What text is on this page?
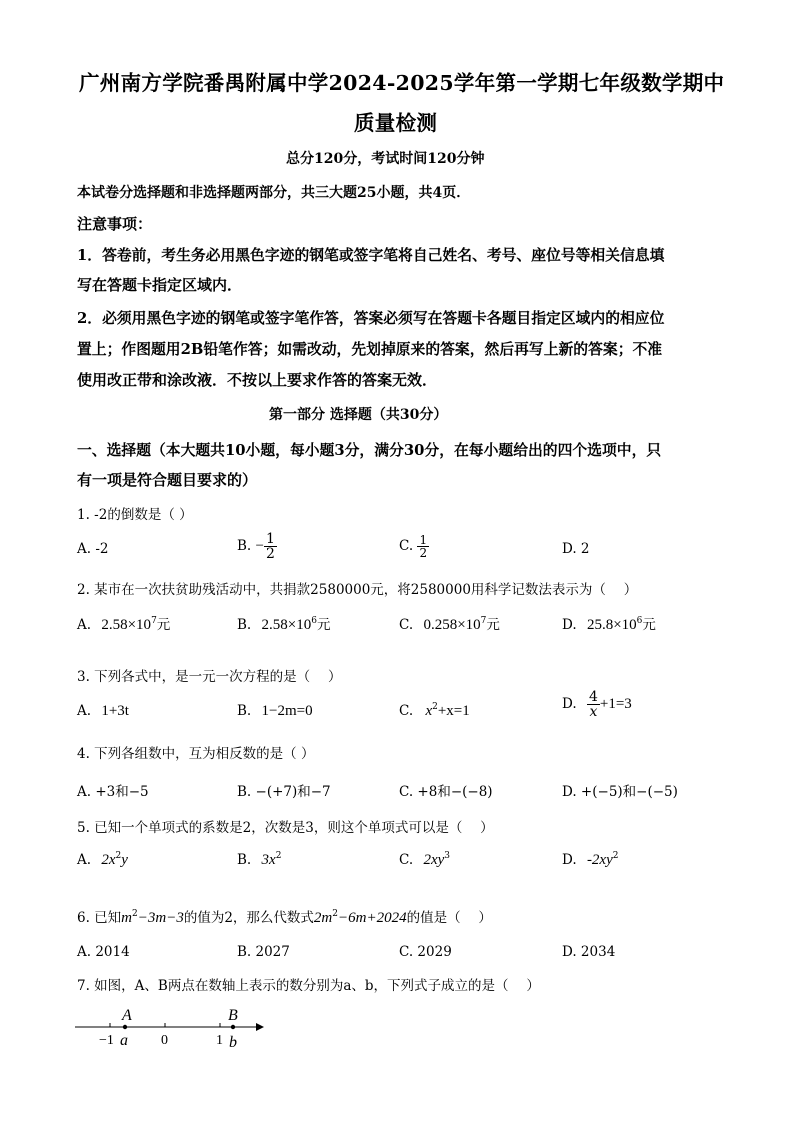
广州南方学院番禺附属中学2024-2025学年第一学期七年级数学期中
质量检测
总分120分，考试时间120分钟
本试卷分选择题和非选择题两部分，共三大题25小题，共4页．
注意事项：
1．答卷前，考生务必用黑色字迹的钢笔或签字笔将自己姓名、考号、座位号等相关信息填
写在答题卡指定区域内．
2．必须用黑色字迹的钢笔或签字笔作答，答案必须写在答题卡各题目指定区域内的相应位
置上；作图题用2B铅笔作答；如需改动，先划掉原来的答案，然后再写上新的答案；不准
使用改正带和涂改液．不按以上要求作答的答案无效．
第一部分 选择题（共30分）
一、选择题（本大题共10小题，每小题3分，满分30分，在每小题给出的四个选项中，只
有一项是符合题目要求的）
1. -2的倒数是（ ）
A. -2	B. − $\frac{1}{2}$	C. $\frac{1}{2}$	D. 2
2. 某市在一次扶贫助残活动中，共捐款2580000元，将2580000用科学记数法表示为（　 ）
A. $2.58\times 10^7$元	B. $2.58\times 10^6$元	C. $0.258\times 10^7$元	D. $25.8\times 10^6$元
3. 下列各式中，是一元一次方程的是（　 ）
A. 1+3t	B. 1−2m=0	C. $x^2+x=1$	D. $\frac{4}{x} +1=3$
4. 下列各组数中，互为相反数的是（ ）
A. +3和−5	B. −(+7)和−7	C. +8和−(−8)	D. +(−5)和−(−5)
5. 已知一个单项式的系数是2，次数是3，则这个单项式可以是（　 ）
A. $2x^2y$	B. $3x^2$	C. $2xy^3$	D. $-2xy^2$
6. 已知$m^2-3m-3$的值为2，那么代数式$2m^2-6m+2024$的值是（　 ）
A. 2014	B. 2027	C. 2029	D. 2034
7. 如图，A、B两点在数轴上表示的数分别为a、b，下列式子成立的是（　 ）
A	B
−1	0	1
a	b
